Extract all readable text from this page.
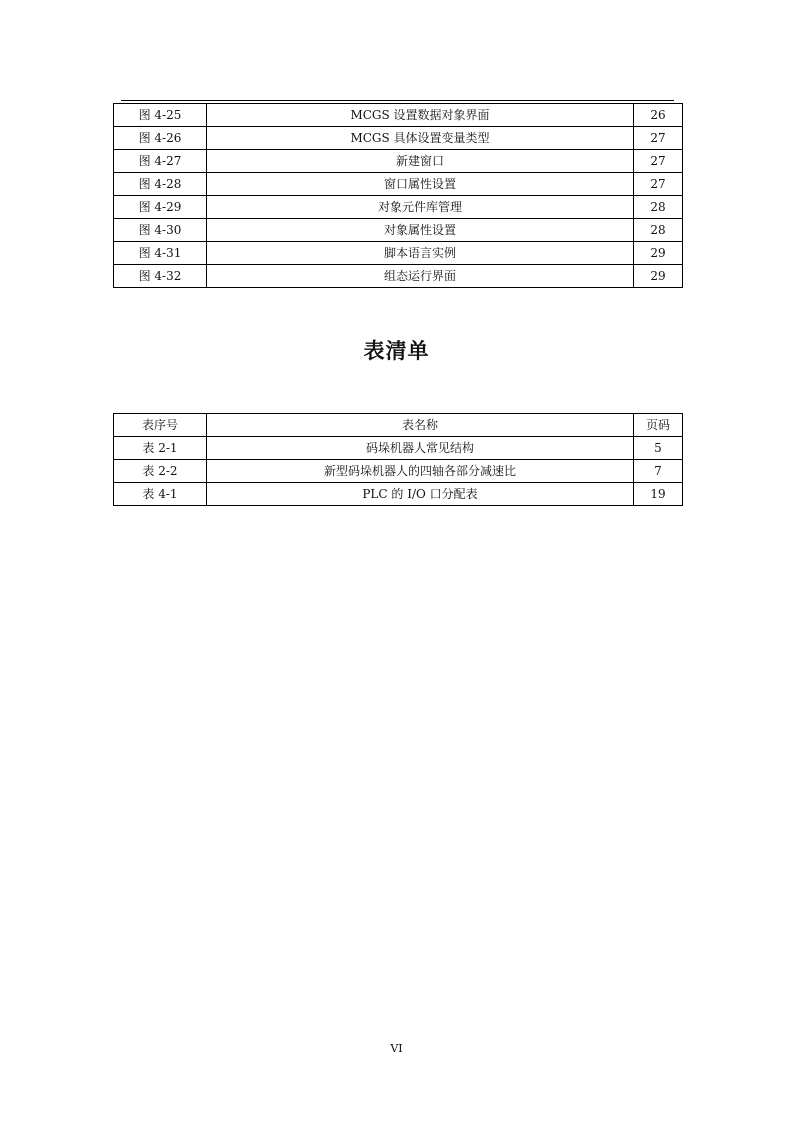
图 4-25	MCGS 设置数据对象界面	26
图 4-26	MCGS 具体设置变量类型	27
图 4-27	新建窗口	27
图 4-28	窗口属性设置	27
图 4-29	对象元件库管理	28
图 4-30	对象属性设置	28
图 4-31	脚本语言实例	29
图 4-32	组态运行界面	29
表清单
表序号	表名称	页码
表 2-1	码垛机器人常见结构	5
表 2-2	新型码垛机器人的四轴各部分减速比	7
表 4-1	PLC 的 I/O 口分配表	19
VI
